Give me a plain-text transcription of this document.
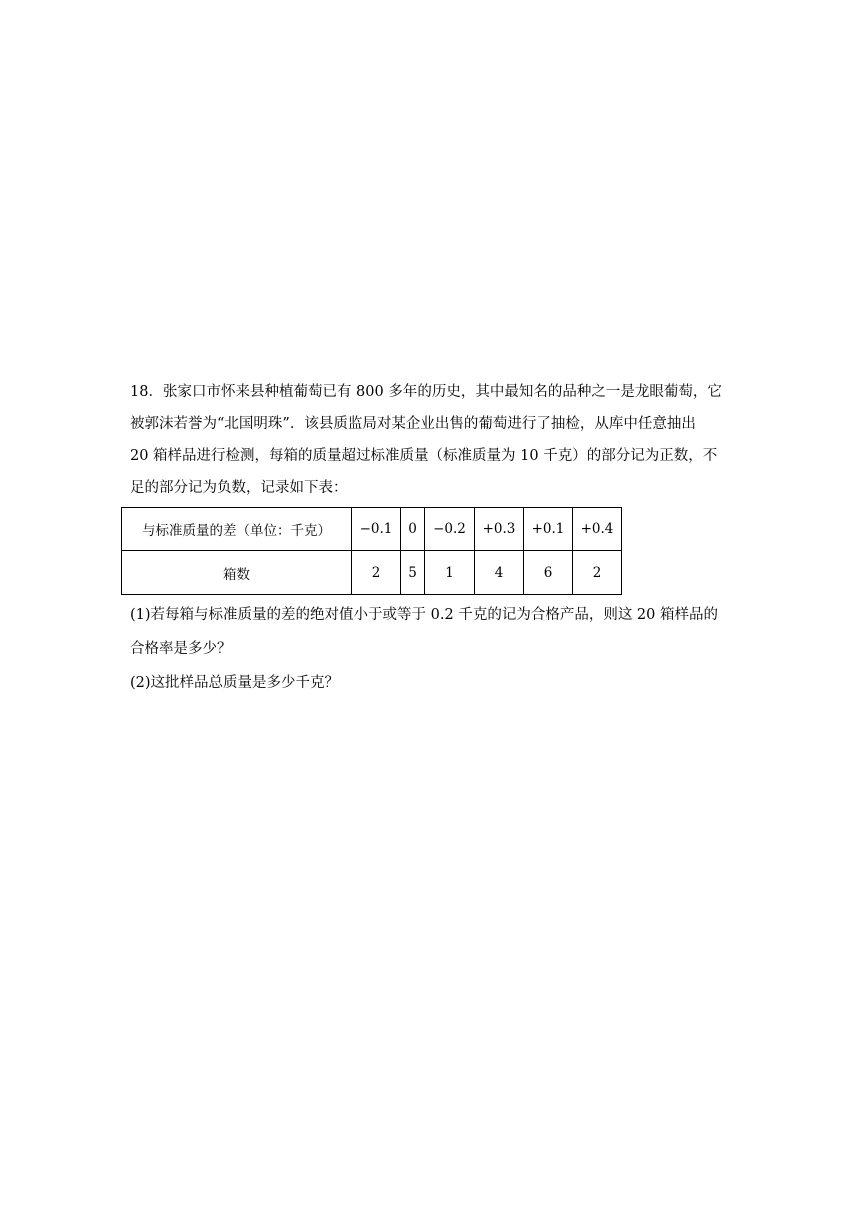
18．张家口市怀来县种植葡萄已有 800 多年的历史，其中最知名的品种之一是龙眼葡萄，它

被郭沫若誉为“北国明珠”．该县质监局对某企业出售的葡萄进行了抽检，从库中任意抽出

20 箱样品进行检测，每箱的质量超过标准质量（标准质量为 10 千克）的部分记为正数，不

足的部分记为负数，记录如下表：

与标准质量的差（单位：千克）	−0.1	0	−0.2	+0.3	+0.1	+0.4
箱数	2	5	1	4	6	2

(1)若每箱与标准质量的差的绝对值小于或等于 0.2 千克的记为合格产品，则这 20 箱样品的

合格率是多少？

(2)这批样品总质量是多少千克？
